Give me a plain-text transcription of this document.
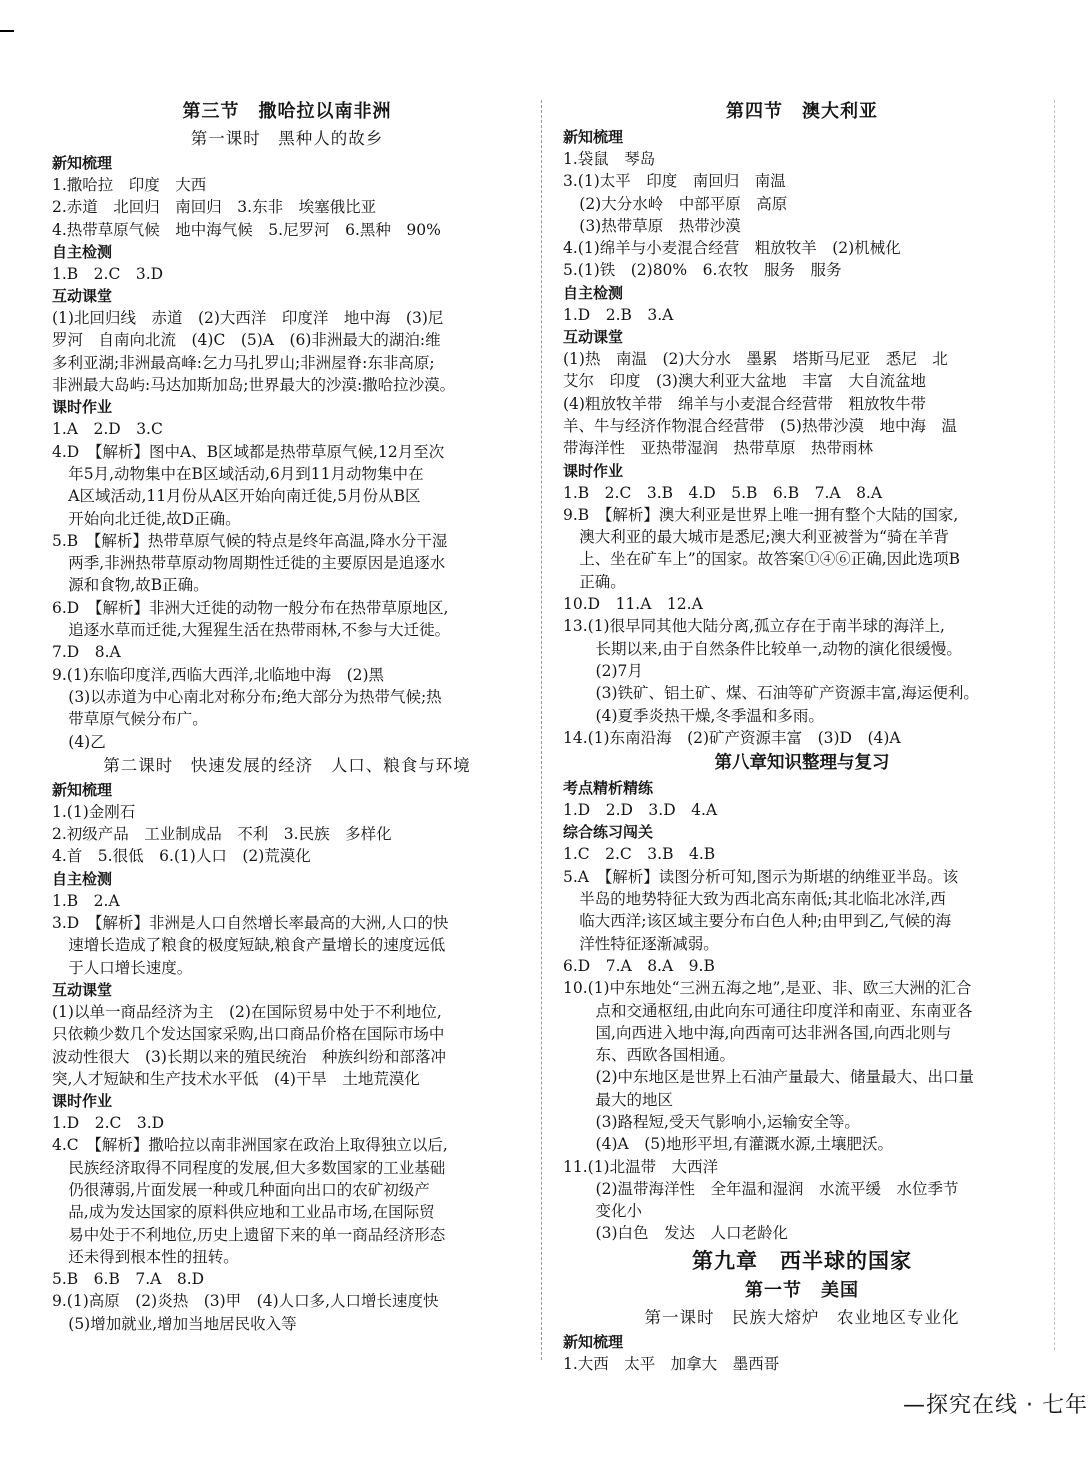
第三节　撒哈拉以南非洲
第一课时　黑种人的故乡
新知梳理

1.撒哈拉　印度　大西

2.赤道　北回归　南回归　3.东非　埃塞俄比亚

4.热带草原气候　地中海气候　5.尼罗河　6.黑种　90%

自主检测

1.B　2.C　3.D

互动课堂

(1)北回归线　赤道　(2)大西洋　印度洋　地中海　(3)尼

罗河　自南向北流　(4)C　(5)A　(6)非洲最大的湖泊:维

多利亚湖;非洲最高峰:乞力马扎罗山;非洲屋脊:东非高原;

非洲最大岛屿:马达加斯加岛;世界最大的沙漠:撒哈拉沙漠。

课时作业

1.A　2.D　3.C

4.D　【解析】图中A、B区域都是热带草原气候,12月至次

年5月,动物集中在B区域活动,6月到11月动物集中在

A区域活动,11月份从A区开始向南迁徙,5月份从B区

开始向北迁徙,故D正确。

5.B　【解析】热带草原气候的特点是终年高温,降水分干湿

两季,非洲热带草原动物周期性迁徙的主要原因是追逐水

源和食物,故B正确。

6.D　【解析】非洲大迁徙的动物一般分布在热带草原地区,

追逐水草而迁徙,大猩猩生活在热带雨林,不参与大迁徙。

7.D　8.A

9.(1)东临印度洋,西临大西洋,北临地中海　(2)黑

(3)以赤道为中心南北对称分布;绝大部分为热带气候;热

带草原气候分布广。

(4)乙

第二课时　快速发展的经济　人口、粮食与环境
新知梳理

1.(1)金刚石

2.初级产品　工业制成品　不利　3.民族　多样化

4.首　5.很低　6.(1)人口　(2)荒漠化

自主检测

1.B　2.A

3.D　【解析】非洲是人口自然增长率最高的大洲,人口的快

速增长造成了粮食的极度短缺,粮食产量增长的速度远低

于人口增长速度。

互动课堂

(1)以单一商品经济为主　(2)在国际贸易中处于不利地位,

只依赖少数几个发达国家采购,出口商品价格在国际市场中

波动性很大　(3)长期以来的殖民统治　种族纠纷和部落冲

突,人才短缺和生产技术水平低　(4)干旱　土地荒漠化

课时作业

1.D　2.C　3.D

4.C　【解析】撒哈拉以南非洲国家在政治上取得独立以后,

民族经济取得不同程度的发展,但大多数国家的工业基础

仍很薄弱,片面发展一种或几种面向出口的农矿初级产

品,成为发达国家的原料供应地和工业品市场,在国际贸

易中处于不利地位,历史上遗留下来的单一商品经济形态

还未得到根本性的扭转。

5.B　6.B　7.A　8.D

9.(1)高原　(2)炎热　(3)甲　(4)人口多,人口增长速度快

(5)增加就业,增加当地居民收入等

第四节　澳大利亚
新知梳理

1.袋鼠　琴岛

3.(1)太平　印度　南回归　南温

(2)大分水岭　中部平原　高原

(3)热带草原　热带沙漠

4.(1)绵羊与小麦混合经营　粗放牧羊　(2)机械化

5.(1)铁　(2)80%　6.农牧　服务　服务

自主检测

1.D　2.B　3.A

互动课堂

(1)热　南温　(2)大分水　墨累　塔斯马尼亚　悉尼　北

艾尔　印度　(3)澳大利亚大盆地　丰富　大自流盆地

(4)粗放牧羊带　绵羊与小麦混合经营带　粗放牧牛带

羊、牛与经济作物混合经营带　(5)热带沙漠　地中海　温

带海洋性　亚热带湿润　热带草原　热带雨林

课时作业

1.B　2.C　3.B　4.D　5.B　6.B　7.A　8.A

9.B　【解析】澳大利亚是世界上唯一拥有整个大陆的国家,

澳大利亚的最大城市是悉尼;澳大利亚被誉为“骑在羊背

上、坐在矿车上”的国家。故答案①④⑥正确,因此选项B

正确。

10.D　11.A　12.A

13.(1)很早同其他大陆分离,孤立存在于南半球的海洋上,

长期以来,由于自然条件比较单一,动物的演化很缓慢。

(2)7月

(3)铁矿、铝土矿、煤、石油等矿产资源丰富,海运便利。

(4)夏季炎热干燥,冬季温和多雨。

14.(1)东南沿海　(2)矿产资源丰富　(3)D　(4)A

第八章知识整理与复习
考点精析精练

1.D　2.D　3.D　4.A

综合练习闯关

1.C　2.C　3.B　4.B

5.A　【解析】读图分析可知,图示为斯堪的纳维亚半岛。该

半岛的地势特征大致为西北高东南低;其北临北冰洋,西

临大西洋;该区域主要分布白色人种;由甲到乙,气候的海

洋性特征逐渐减弱。

6.D　7.A　8.A　9.B

10.(1)中东地处“三洲五海之地”,是亚、非、欧三大洲的汇合

点和交通枢纽,由此向东可通往印度洋和南亚、东南亚各

国,向西进入地中海,向西南可达非洲各国,向西北则与

东、西欧各国相通。

(2)中东地区是世界上石油产量最大、储量最大、出口量

最大的地区

(3)路程短,受天气影响小,运输安全等。

(4)A　(5)地形平坦,有灌溉水源,土壤肥沃。

11.(1)北温带　大西洋

(2)温带海洋性　全年温和湿润　水流平缓　水位季节

变化小

(3)白色　发达　人口老龄化

第九章　西半球的国家
第一节　美国
第一课时　民族大熔炉　农业地区专业化
新知梳理

1.大西　太平　加拿大　墨西哥

—探究在线 · 七年
